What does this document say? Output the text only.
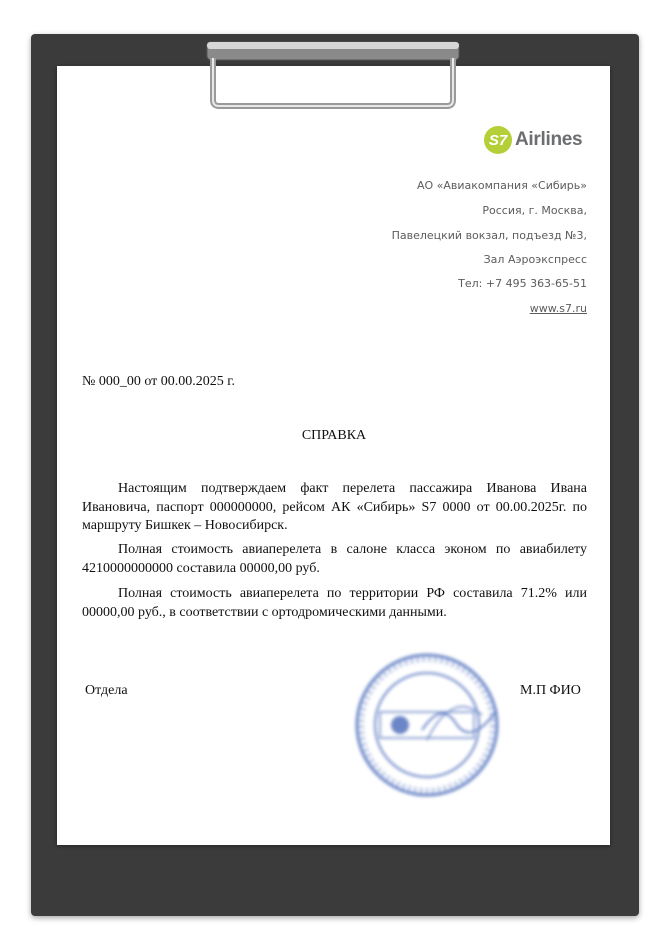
S7 Airlines
АО «Авиакомпания «Сибирь»
Россия, г. Москва,
Павелецкий вокзал, подъезд №3,
Зал Аэроэкспресс
Тел: +7 495 363-65-51
www.s7.ru
№ 000_00 от 00.00.2025 г.
СПРАВКА

Настоящим подтверждаем факт перелета пассажира Иванова Ивана Ивановича, паспорт 000000000, рейсом АК «Сибирь» S7 0000 от 00.00.2025г. по маршруту Бишкек – Новосибирск.

Полная стоимость авиаперелета в салоне класса эконом по авиабилету 4210000000000 составила 00000,00 руб.

Полная стоимость авиаперелета по территории РФ составила 71.2% или 00000,00 руб., в соответствии с ортодромическими данными.

Отдела	М.П ФИО
